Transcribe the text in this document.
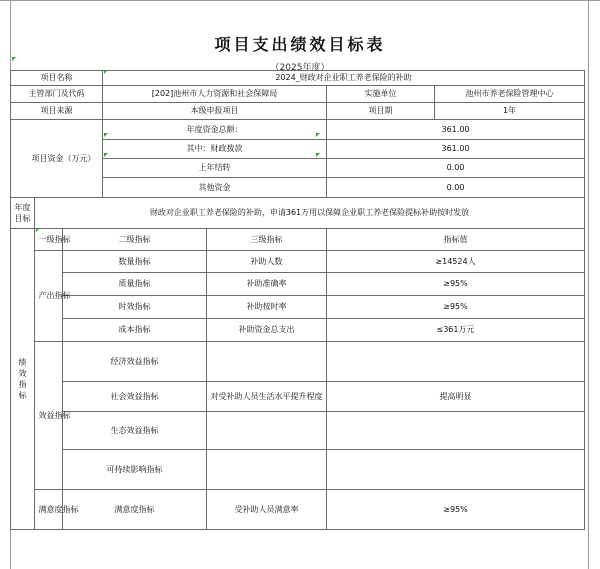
项目支出绩效目标表
（2025年度）
项目名称			2024_财政对企业职工养老保险的补助			
主管部门及代码			[202]池州市人力资源和社会保障局		实施单位	池州市养老保险管理中心
项目来源			本级申报项目		项目期	1年
项目资金（万元）			年度资金总额：		361.00	
			其中：财政拨款		361.00	
			上年结转		0.00	
			其他资金		0.00	
年度目标	财政对企业职工养老保险的补助，申请361万用以保障企业职工养老保险提标补助按时发放					
绩效指标	一级指标	二级指标		三级指标	指标值	
	产出指标	数量指标		补助人数	≥14524人	
		质量指标		补助准确率	≥95%	
		时效指标		补助按时率	≥95%	
		成本指标		补助资金总支出	≤361万元	
	效益指标	经济效益指标				
		社会效益指标		对受补助人员生活水平提升程度	提高明显	
		生态效益指标				
		可持续影响指标				
	满意度指标	满意度指标		受补助人员满意率	≥95%	
